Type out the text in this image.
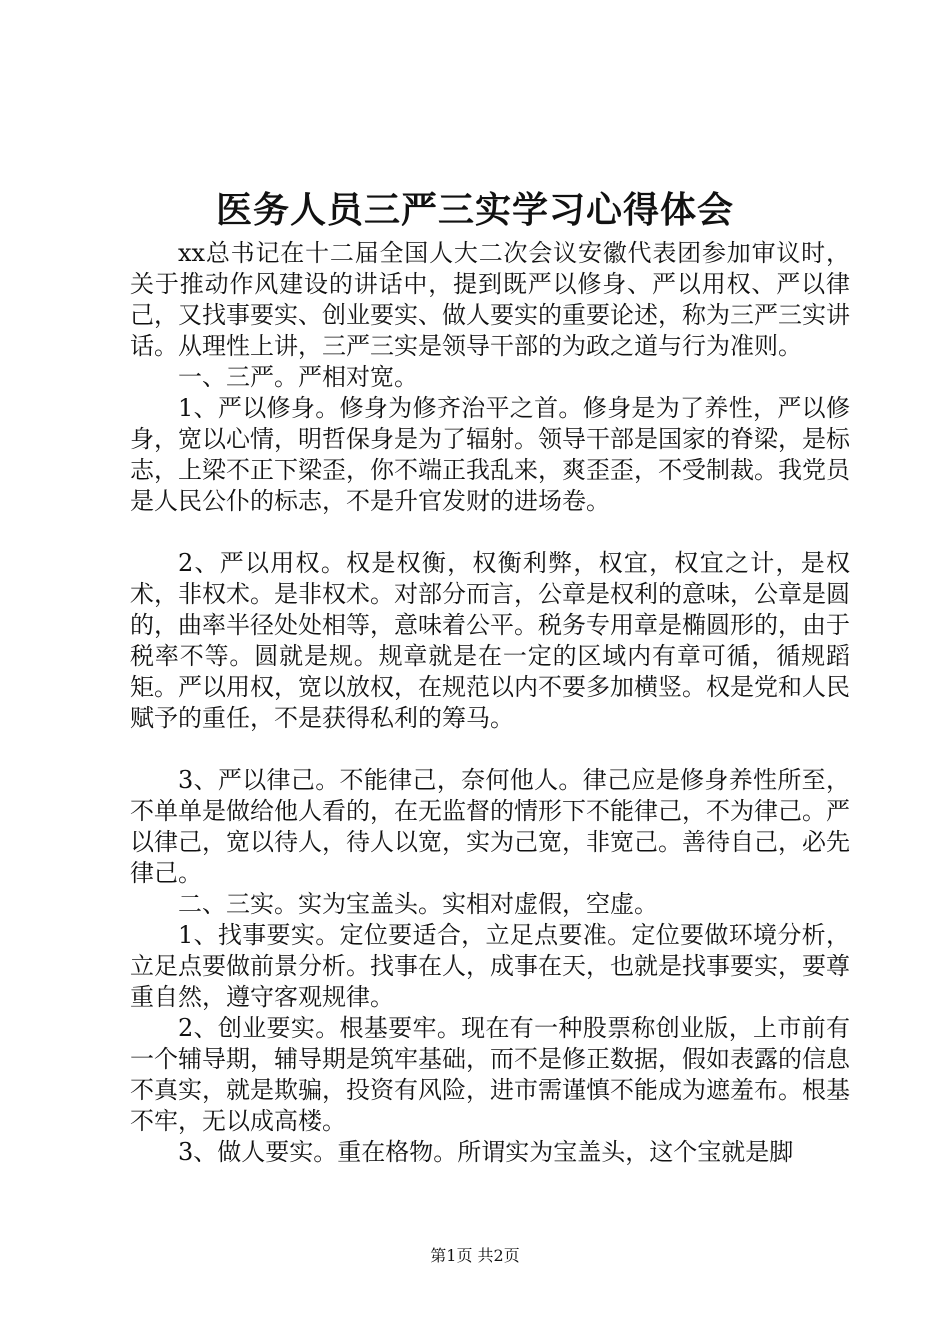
医务人员三严三实学习心得体会

xx总书记在十二届全国人大二次会议安徽代表团参加审议时，关于推动作风建设的讲话中，提到既严以修身、严以用权、严以律己，又找事要实、创业要实、做人要实的重要论述，称为三严三实讲话。从理性上讲，三严三实是领导干部的为政之道与行为准则。

一、三严。严相对宽。

1、严以修身。修身为修齐治平之首。修身是为了养性，严以修身，宽以心情，明哲保身是为了辐射。领导干部是国家的脊梁，是标志，上梁不正下梁歪，你不端正我乱来，爽歪歪，不受制裁。我党员是人民公仆的标志，不是升官发财的进场卷。

2、严以用权。权是权衡，权衡利弊，权宜，权宜之计，是权术，非权术。是非权术。对部分而言，公章是权利的意味，公章是圆的，曲率半径处处相等，意味着公平。税务专用章是椭圆形的，由于税率不等。圆就是规。规章就是在一定的区域内有章可循，循规蹈矩。严以用权，宽以放权，在规范以内不要多加横竖。权是党和人民赋予的重任，不是获得私利的筹马。

3、严以律己。不能律己，奈何他人。律己应是修身养性所至，不单单是做给他人看的，在无监督的情形下不能律己，不为律己。严以律己，宽以待人，待人以宽，实为己宽，非宽己。善待自己，必先律己。

二、三实。实为宝盖头。实相对虚假，空虚。

1、找事要实。定位要适合，立足点要准。定位要做环境分析，立足点要做前景分析。找事在人，成事在天，也就是找事要实，要尊重自然，遵守客观规律。

2、创业要实。根基要牢。现在有一种股票称创业版，上市前有一个辅导期，辅导期是筑牢基础，而不是修正数据，假如表露的信息不真实，就是欺骗，投资有风险，进市需谨慎不能成为遮羞布。根基不牢，无以成高楼。

3、做人要实。重在格物。所谓实为宝盖头，这个宝就是脚

第1页 共2页
